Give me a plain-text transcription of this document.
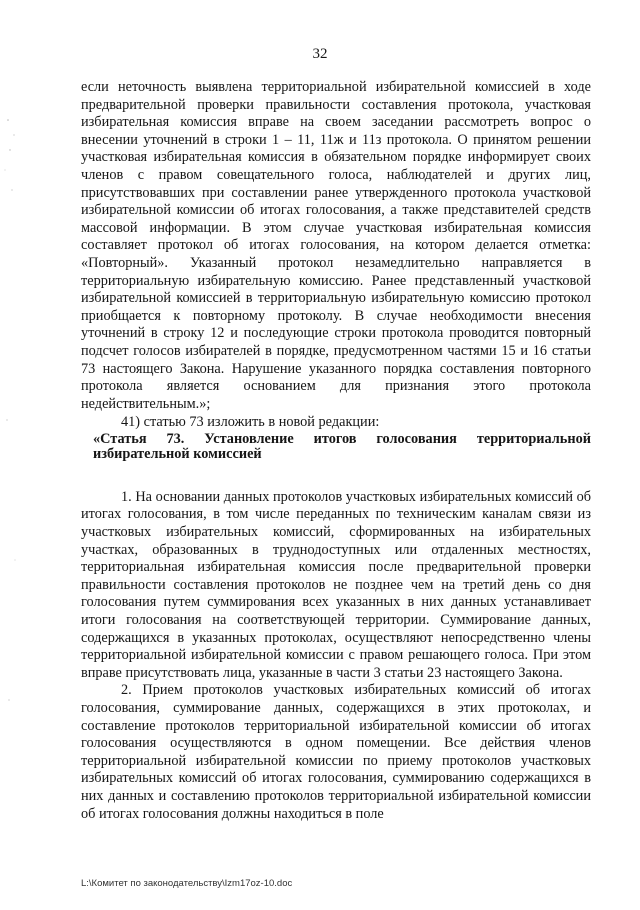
32

если неточность выявлена территориальной избирательной комиссией в ходе предварительной проверки правильности составления протокола, участковая избирательная комиссия вправе на своем заседании рассмотреть вопрос о внесении уточнений в строки 1 – 11, 11ж и 11з протокола. О принятом решении участковая избирательная комиссия в обязательном порядке информирует своих членов с правом совещательного голоса, наблюдателей и других лиц, присутствовавших при составлении ранее утвержденного протокола участковой избирательной комиссии об итогах голосования, а также представителей средств массовой информации. В этом случае участковая избирательная комиссия составляет протокол об итогах голосования, на котором делается отметка: «Повторный». Указанный протокол незамедлительно направляется в территориальную избирательную комиссию. Ранее представленный участковой избирательной комиссией в территориальную избирательную комиссию протокол приобщается к повторному протоколу. В случае необходимости внесения уточнений в строку 12 и последующие строки протокола проводится повторный подсчет голосов избирателей в порядке, предусмотренном частями 15 и 16 статьи 73 настоящего Закона. Нарушение указанного порядка составления повторного протокола является основанием для признания этого протокола недействительным.»;

41) статью 73 изложить в новой редакции:

«Статья 73. Установление итогов голосования территориальной избирательной комиссией

1. На основании данных протоколов участковых избирательных комиссий об итогах голосования, в том числе переданных по техническим каналам связи из участковых избирательных комиссий, сформированных на избирательных участках, образованных в труднодоступных или отдаленных местностях, территориальная избирательная комиссия после предварительной проверки правильности составления протоколов не позднее чем на третий день со дня голосования путем суммирования всех указанных в них данных устанавливает итоги голосования на соответствующей территории. Суммирование данных, содержащихся в указанных протоколах, осуществляют непосредственно члены территориальной избирательной комиссии с правом решающего голоса. При этом вправе присутствовать лица, указанные в части 3 статьи 23 настоящего Закона.

2. Прием протоколов участковых избирательных комиссий об итогах голосования, суммирование данных, содержащихся в этих протоколах, и составление протоколов территориальной избирательной комиссии об итогах голосования осуществляются в одном помещении. Все действия членов территориальной избирательной комиссии по приему протоколов участковых избирательных комиссий об итогах голосования, суммированию содержащихся в них данных и составлению протоколов территориальной избирательной комиссии об итогах голосования должны находиться в поле

L:\Комитет по законодательству\Izm17oz-10.doc
